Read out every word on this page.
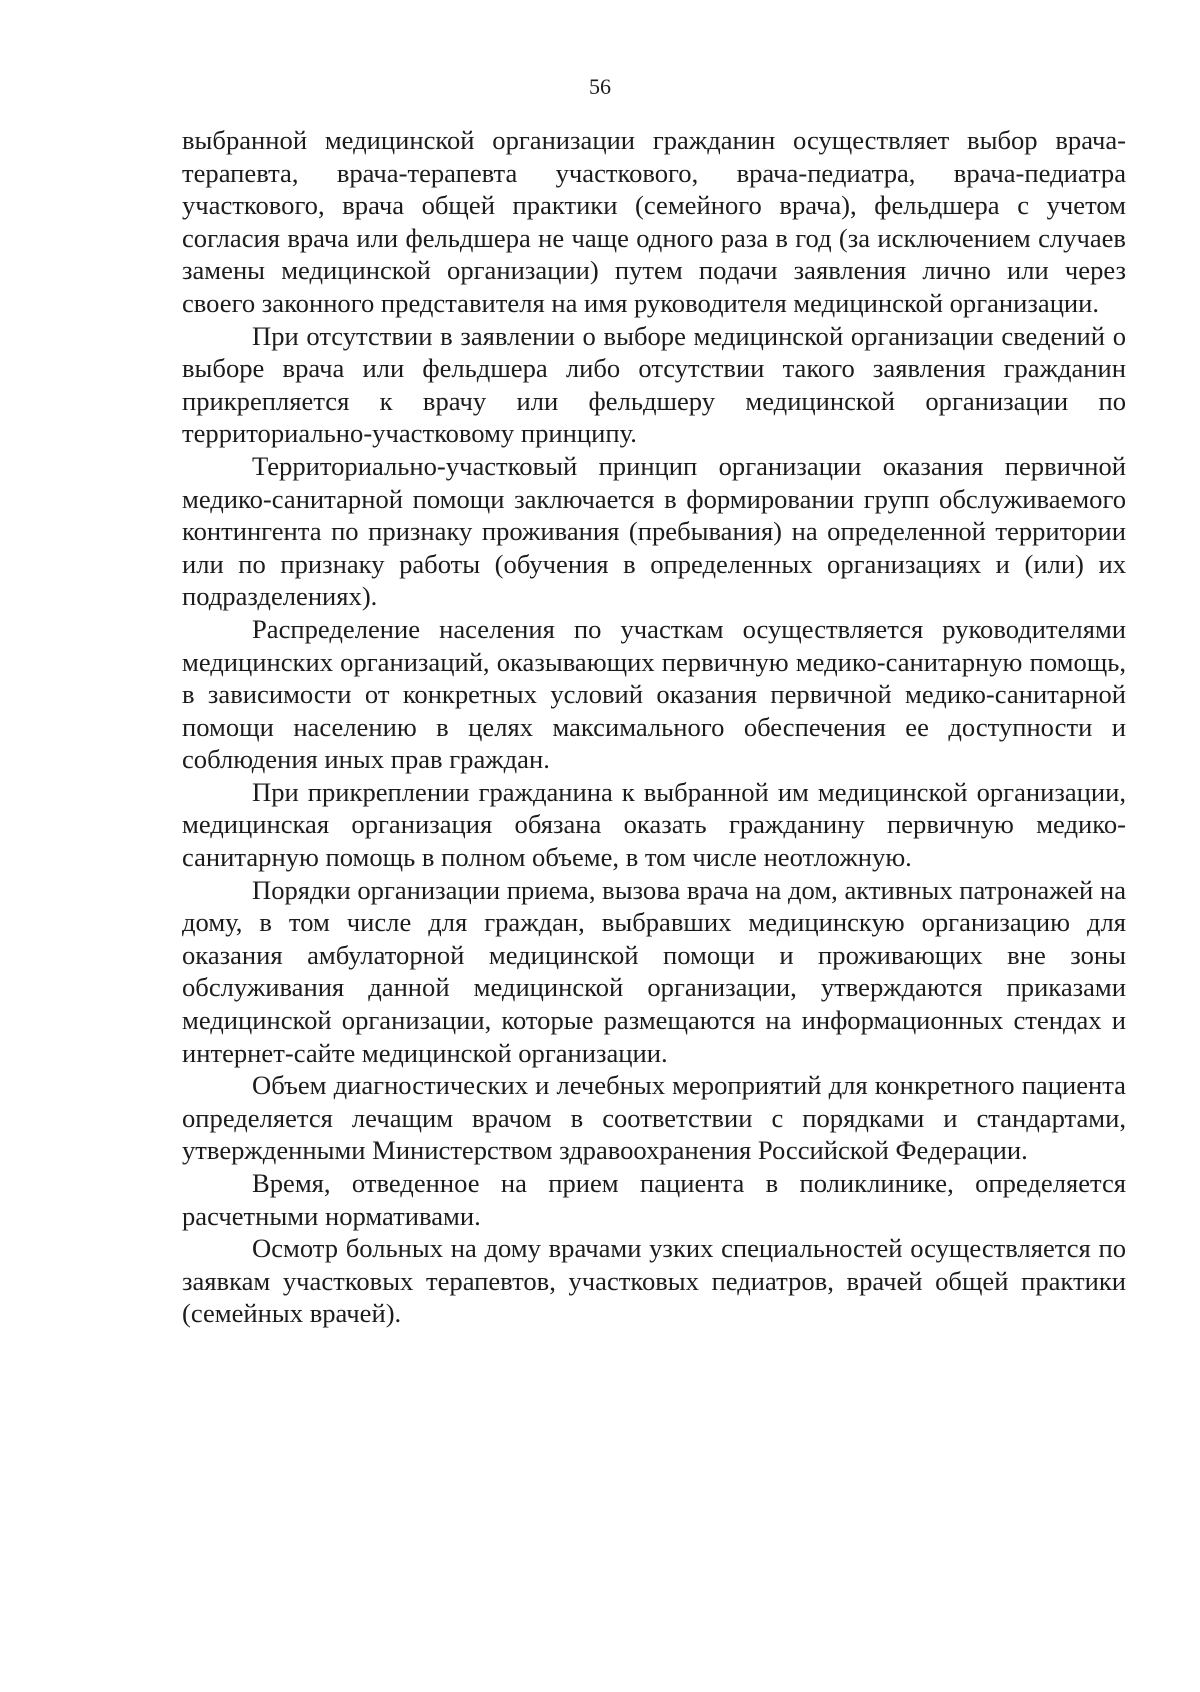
56

выбранной медицинской организации гражданин осуществляет выбор врача-терапевта, врача-терапевта участкового, врача-педиатра, врача-педиатра участкового, врача общей практики (семейного врача), фельдшера с учетом согласия врача или фельдшера не чаще одного раза в год (за исключением случаев замены медицинской организации) путем подачи заявления лично или через своего законного представителя на имя руководителя медицинской организации.

При отсутствии в заявлении о выборе медицинской организации сведений о выборе врача или фельдшера либо отсутствии такого заявления гражданин прикрепляется к врачу или фельдшеру медицинской организации по территориально-участковому принципу.

Территориально-участковый принцип организации оказания первичной медико-санитарной помощи заключается в формировании групп обслуживаемого контингента по признаку проживания (пребывания) на определенной территории или по признаку работы (обучения в определенных организациях и (или) их подразделениях).

Распределение населения по участкам осуществляется руководителями медицинских организаций, оказывающих первичную медико-санитарную помощь, в зависимости от конкретных условий оказания первичной медико-санитарной помощи населению в целях максимального обеспечения ее доступности и соблюдения иных прав граждан.

При прикреплении гражданина к выбранной им медицинской организации, медицинская организация обязана оказать гражданину первичную медико-санитарную помощь в полном объеме, в том числе неотложную.

Порядки организации приема, вызова врача на дом, активных патронажей на дому, в том числе для граждан, выбравших медицинскую организацию для оказания амбулаторной медицинской помощи и проживающих вне зоны обслуживания данной медицинской организации, утверждаются приказами медицинской организации, которые размещаются на информационных стендах и интернет-сайте медицинской организации.

Объем диагностических и лечебных мероприятий для конкретного пациента определяется лечащим врачом в соответствии с порядками и стандартами, утвержденными Министерством здравоохранения Российской Федерации.

Время, отведенное на прием пациента в поликлинике, определяется расчетными нормативами.

Осмотр больных на дому врачами узких специальностей осуществляется по заявкам участковых терапевтов, участковых педиатров, врачей общей практики (семейных врачей).
